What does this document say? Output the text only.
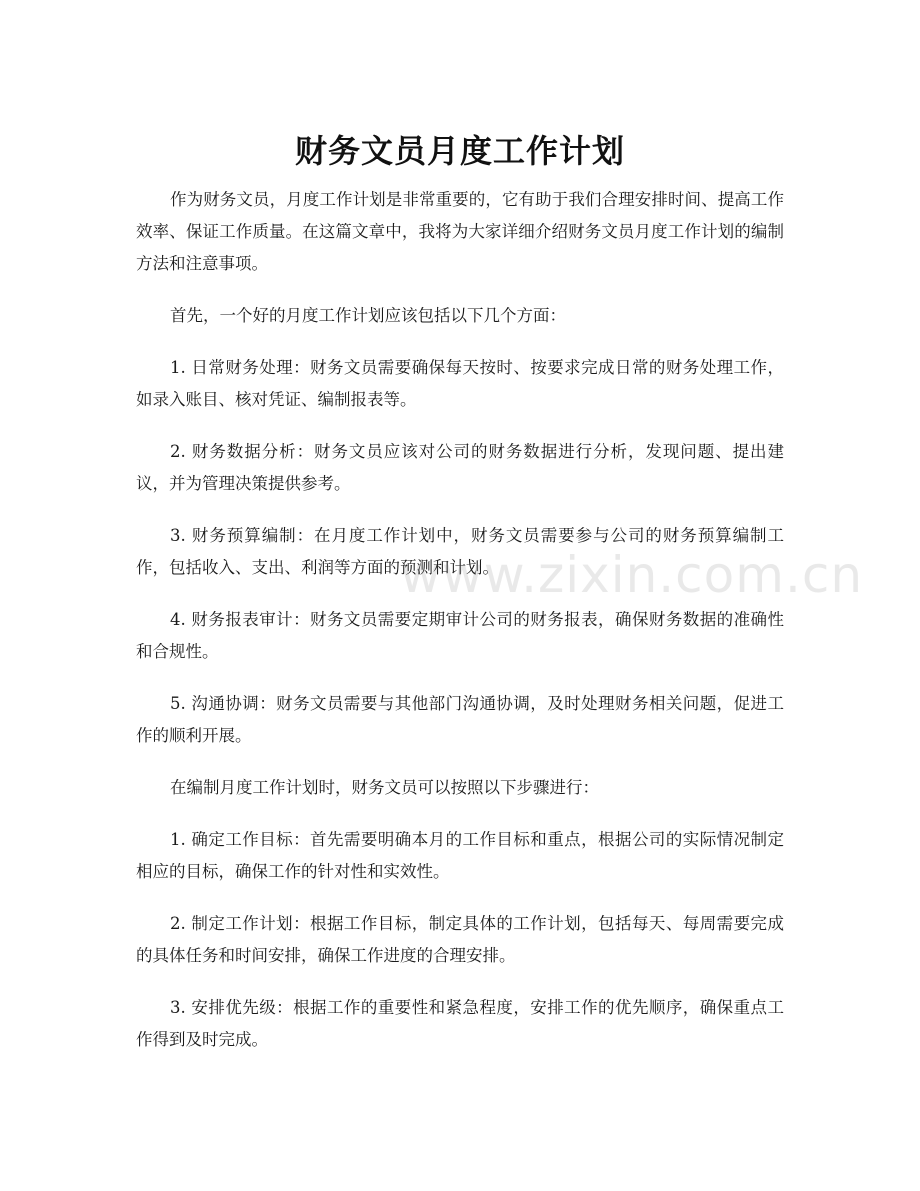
财务文员月度工作计划

作为财务文员，月度工作计划是非常重要的，它有助于我们合理安排时间、提高工作效率、保证工作质量。在这篇文章中，我将为大家详细介绍财务文员月度工作计划的编制方法和注意事项。

首先，一个好的月度工作计划应该包括以下几个方面：

1. 日常财务处理：财务文员需要确保每天按时、按要求完成日常的财务处理工作，如录入账目、核对凭证、编制报表等。

2. 财务数据分析：财务文员应该对公司的财务数据进行分析，发现问题、提出建议，并为管理决策提供参考。

3. 财务预算编制：在月度工作计划中，财务文员需要参与公司的财务预算编制工作，包括收入、支出、利润等方面的预测和计划。

4. 财务报表审计：财务文员需要定期审计公司的财务报表，确保财务数据的准确性和合规性。

5. 沟通协调：财务文员需要与其他部门沟通协调，及时处理财务相关问题，促进工作的顺利开展。

在编制月度工作计划时，财务文员可以按照以下步骤进行：

1. 确定工作目标：首先需要明确本月的工作目标和重点，根据公司的实际情况制定相应的目标，确保工作的针对性和实效性。

2. 制定工作计划：根据工作目标，制定具体的工作计划，包括每天、每周需要完成的具体任务和时间安排，确保工作进度的合理安排。

3. 安排优先级：根据工作的重要性和紧急程度，安排工作的优先顺序，确保重点工作得到及时完成。

www.zixin.com.cn
